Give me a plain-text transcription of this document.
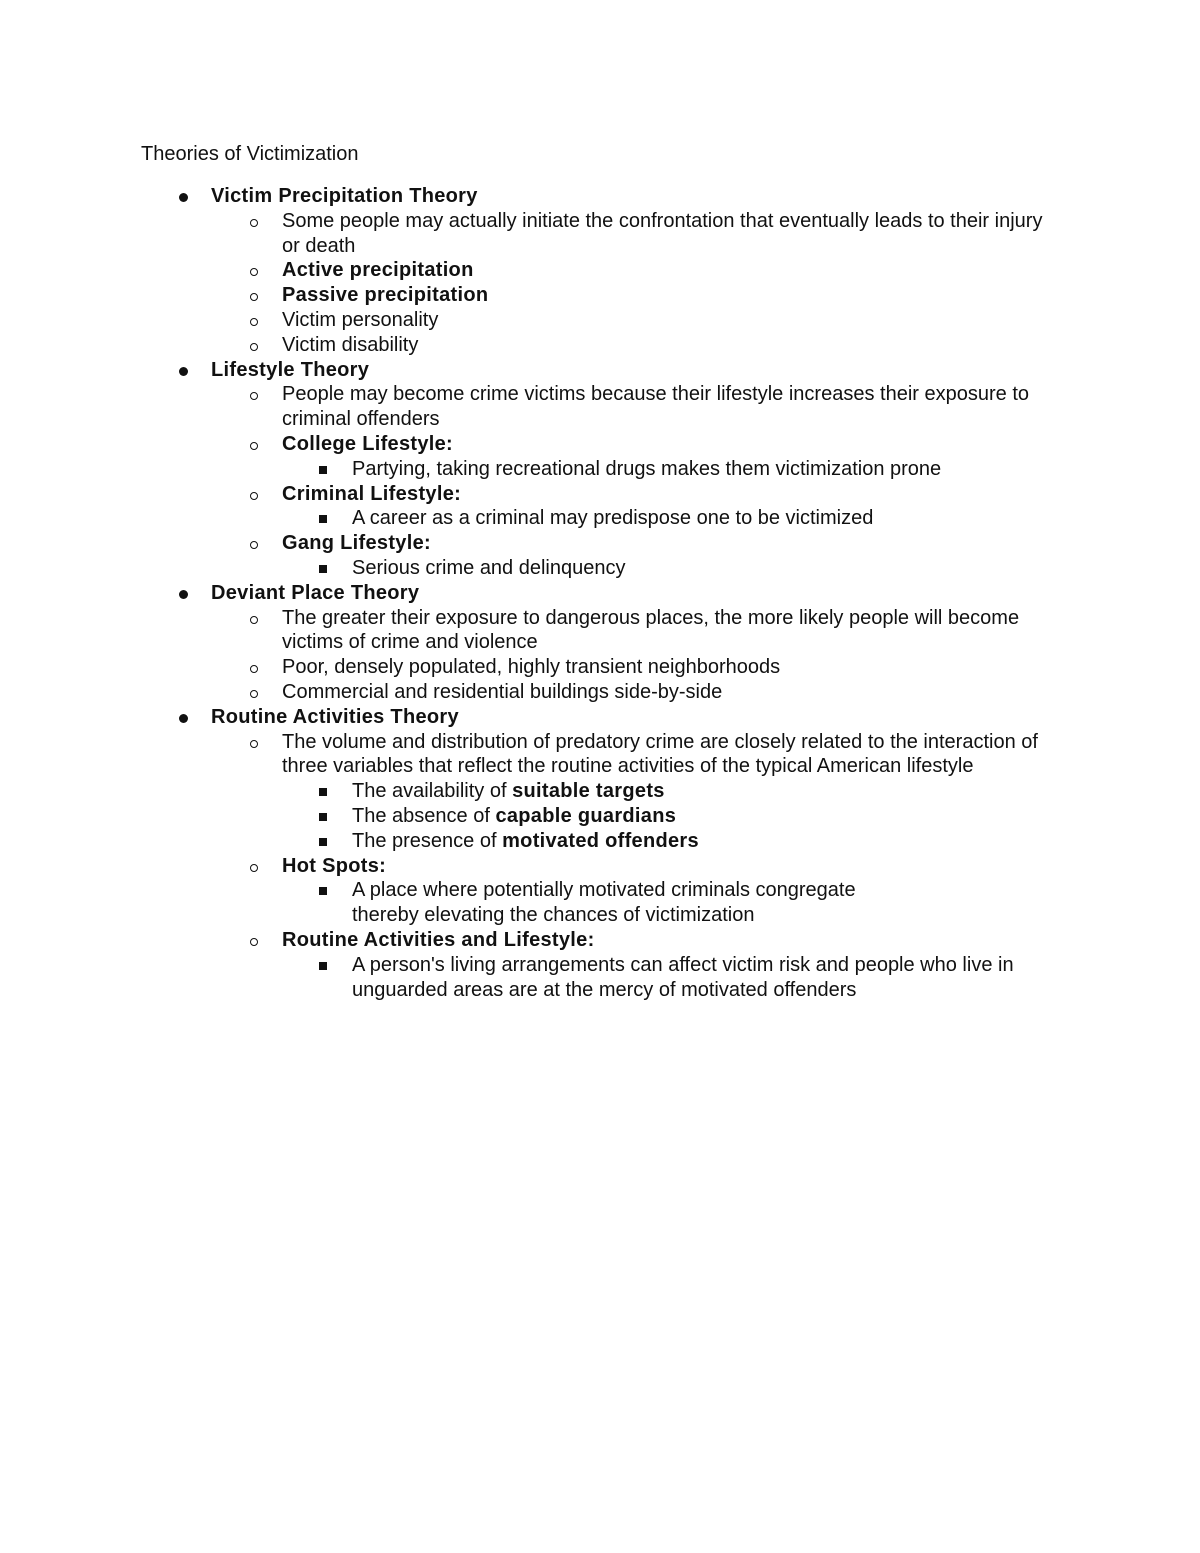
Theories of Victimization
Victim Precipitation Theory
Some people may actually initiate the confrontation that eventually leads to their injury or death
Active precipitation
Passive precipitation
Victim personality
Victim disability
Lifestyle Theory
People may become crime victims because their lifestyle increases their exposure to criminal offenders
College Lifestyle:
Partying, taking recreational drugs makes them victimization prone
Criminal Lifestyle:
A career as a criminal may predispose one to be victimized
Gang Lifestyle:
Serious crime and delinquency
Deviant Place Theory
The greater their exposure to dangerous places, the more likely people will become victims of crime and violence
Poor, densely populated, highly transient neighborhoods
Commercial and residential buildings side-by-side
Routine Activities Theory
The volume and distribution of predatory crime are closely related to the interaction of three variables that reflect the routine activities of the typical American lifestyle
The availability of suitable targets
The absence of capable guardians
The presence of motivated offenders
Hot Spots:
A place where potentially motivated criminals congregate
thereby elevating the chances of victimization
Routine Activities and Lifestyle:
A person's living arrangements can affect victim risk and people who live in unguarded areas are at the mercy of motivated offenders
